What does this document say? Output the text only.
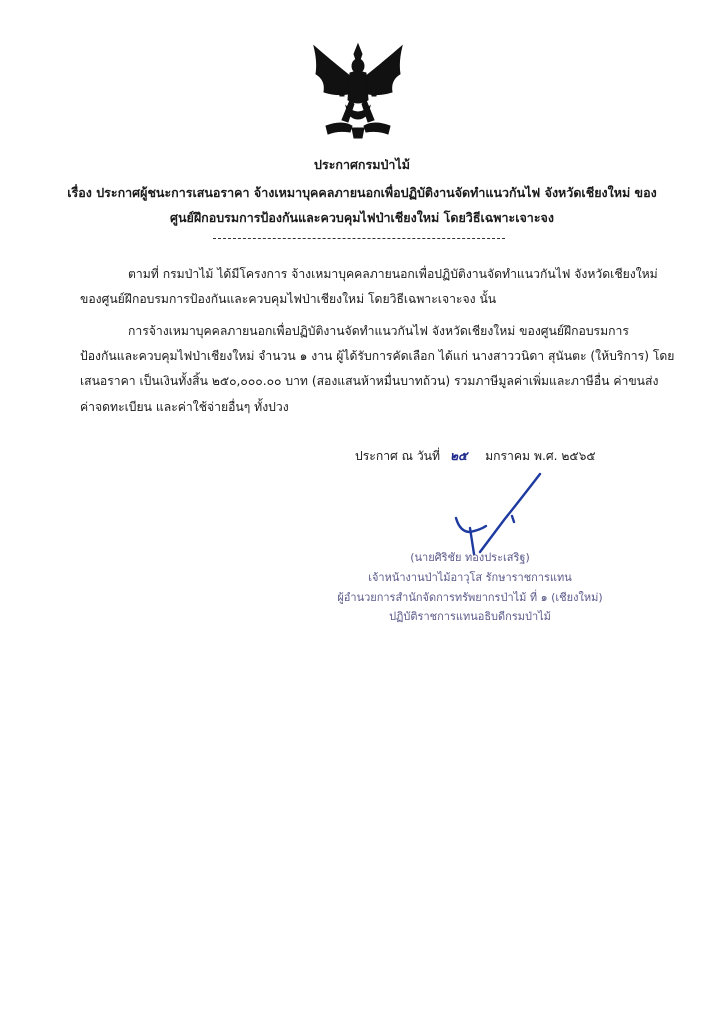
ประกาศกรมป่าไม้
เรื่อง ประกาศผู้ชนะการเสนอราคา จ้างเหมาบุคคลภายนอกเพื่อปฏิบัติงานจัดทำแนวกันไฟ จังหวัดเชียงใหม่ ของ
ศูนย์ฝึกอบรมการป้องกันและควบคุมไฟป่าเชียงใหม่ โดยวิธีเฉพาะเจาะจง
ตามที่ กรมป่าไม้ ได้มีโครงการ จ้างเหมาบุคคลภายนอกเพื่อปฏิบัติงานจัดทำแนวกันไฟ จังหวัดเชียงใหม่
ของศูนย์ฝึกอบรมการป้องกันและควบคุมไฟป่าเชียงใหม่ โดยวิธีเฉพาะเจาะจง นั้น
การจ้างเหมาบุคคลภายนอกเพื่อปฏิบัติงานจัดทำแนวกันไฟ จังหวัดเชียงใหม่ ของศูนย์ฝึกอบรมการ
ป้องกันและควบคุมไฟป่าเชียงใหม่ จำนวน ๑ งาน ผู้ได้รับการคัดเลือก ได้แก่ นางสาววนิดา สุนันตะ (ให้บริการ) โดย
เสนอราคา เป็นเงินทั้งสิ้น ๒๕๐,๐๐๐.๐๐ บาท (สองแสนห้าหมื่นบาทถ้วน) รวมภาษีมูลค่าเพิ่มและภาษีอื่น ค่าขนส่ง
ค่าจดทะเบียน และค่าใช้จ่ายอื่นๆ ทั้งปวง
ประกาศ ณ วันที่ ๒๕ มกราคม พ.ศ. ๒๕๖๕
(นายศิริชัย ทองประเสริฐ)
เจ้าหน้างานป่าไม้อาวุโส รักษาราชการแทน
ผู้อำนวยการสำนักจัดการทรัพยากรป่าไม้ ที่ ๑ (เชียงใหม่)
ปฏิบัติราชการแทนอธิบดีกรมป่าไม้
